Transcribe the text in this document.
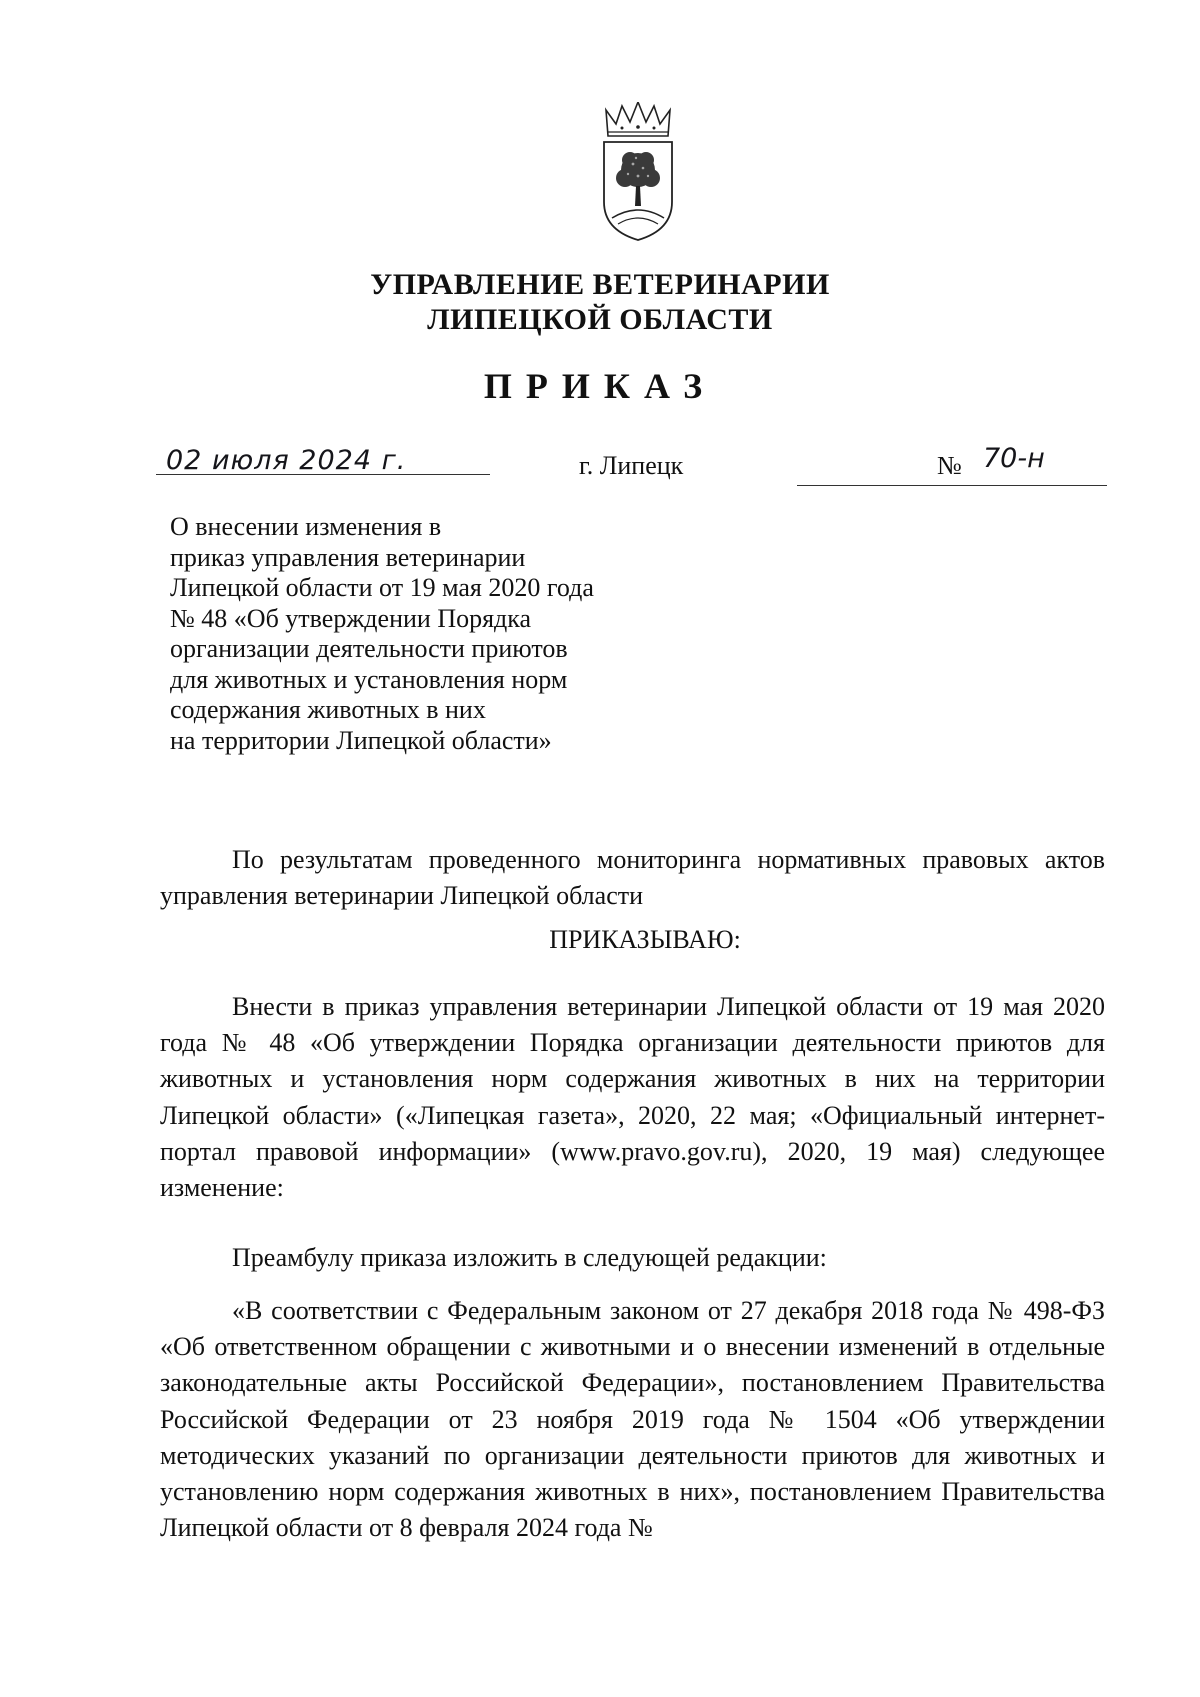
УПРАВЛЕНИЕ ВЕТЕРИНАРИИ
ЛИПЕЦКОЙ ОБЛАСТИ
ПРИКАЗ
02 июля 2024 г.	г. Липецк	№ 70-н
О внесении изменения в
приказ управления ветеринарии
Липецкой области от 19 мая 2020 года
№ 48 «Об утверждении Порядка
организации деятельности приютов
для животных и установления норм
содержания животных в них
на территории Липецкой области»

По результатам проведенного мониторинга нормативных правовых актов управления ветеринарии Липецкой области

ПРИКАЗЫВАЮ:

Внести в приказ управления ветеринарии Липецкой области от 19 мая 2020 года № 48 «Об утверждении Порядка организации деятельности приютов для животных и установления норм содержания животных в них на территории Липецкой области» («Липецкая газета», 2020, 22 мая; «Официальный интернет-портал правовой информации» (www.pravo.gov.ru), 2020, 19 мая) следующее изменение:

Преамбулу приказа изложить в следующей редакции:

«В соответствии с Федеральным законом от 27 декабря 2018 года № 498-ФЗ «Об ответственном обращении с животными и о внесении изменений в отдельные законодательные акты Российской Федерации», постановлением Правительства Российской Федерации от 23 ноября 2019 года № 1504 «Об утверждении методических указаний по организации деятельности приютов для животных и установлению норм содержания животных в них», постановлением Правительства Липецкой области от 8 февраля 2024 года №
